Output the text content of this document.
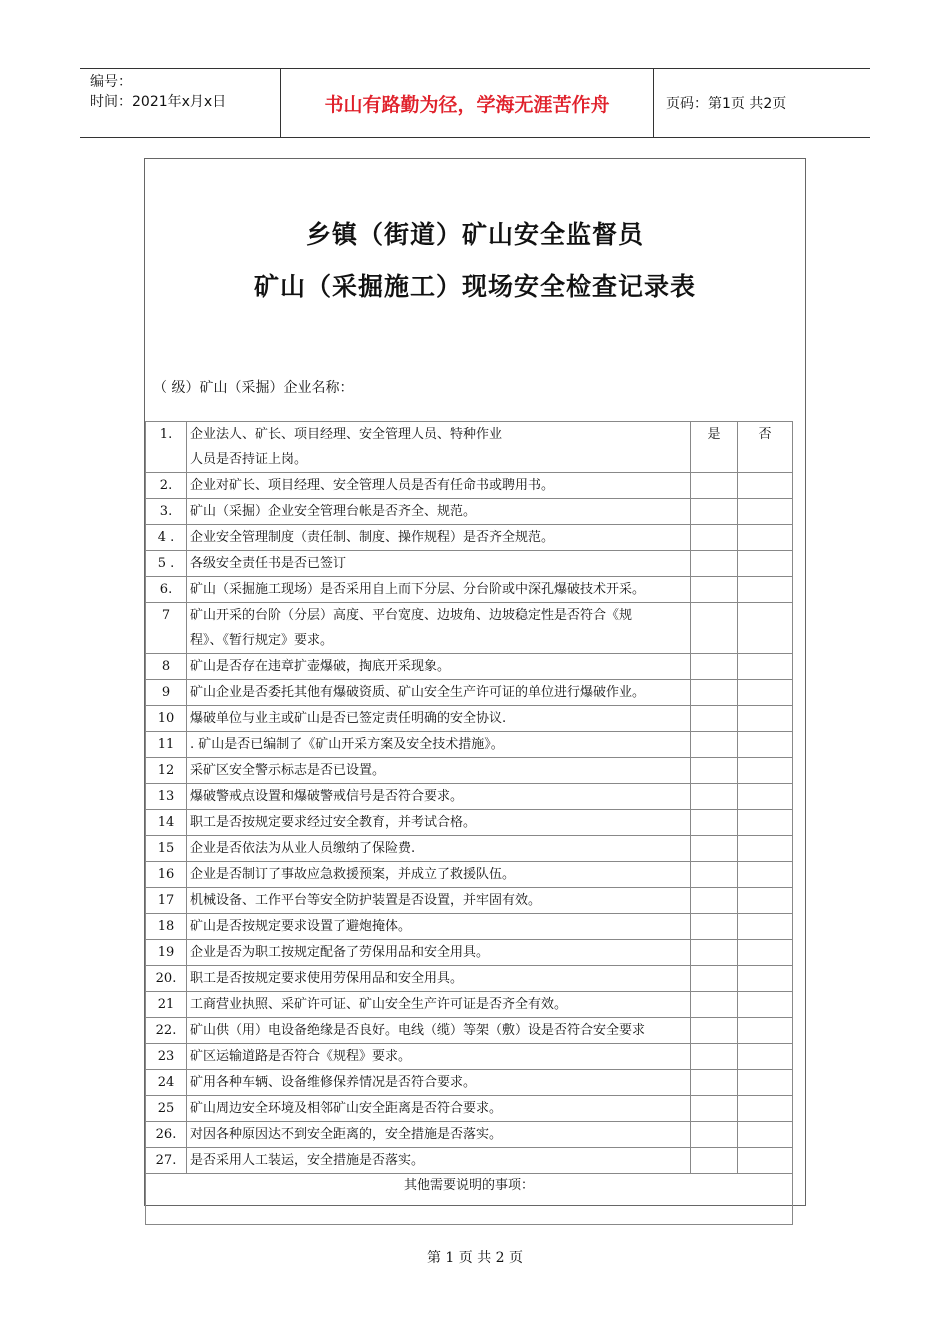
编号：
时间：2021年x月x日	书山有路勤为径，学海无涯苦作舟	页码：第1页 共2页
乡镇（街道）矿山安全监督员
矿山（采掘施工）现场安全检查记录表
（ 级）矿山（采掘）企业名称：
1.	企业法人、矿长、项目经理、安全管理人员、特种作业
人员是否持证上岗。	是	否
2.	企业对矿长、项目经理、安全管理人员是否有任命书或聘用书。		

3.	矿山（采掘）企业安全管理台帐是否齐全、规范。		

4 .	企业安全管理制度（责任制、制度、操作规程）是否齐全规范。		

5 .	各级安全责任书是否已签订		

6.	矿山（采掘施工现场）是否采用自上而下分层、分台阶或中深孔爆破技术开采。		

7	矿山开采的台阶（分层）高度、平台宽度、边坡角、边坡稳定性是否符合《规
程》、《暂行规定》要求。		

8	矿山是否存在违章扩壶爆破，掏底开采现象。		

9	矿山企业是否委托其他有爆破资质、矿山安全生产许可证的单位进行爆破作业。		

10	爆破单位与业主或矿山是否已签定责任明确的安全协议.		

11	. 矿山是否已编制了《矿山开采方案及安全技术措施》。		

12	采矿区安全警示标志是否已设置。		

13	爆破警戒点设置和爆破警戒信号是否符合要求。		

14	职工是否按规定要求经过安全教育，并考试合格。		

15	企业是否依法为从业人员缴纳了保险费.		

16	企业是否制订了事故应急救援预案，并成立了救援队伍。		

17	机械设备、工作平台等安全防护装置是否设置，并牢固有效。		

18	矿山是否按规定要求设置了避炮掩体。		

19	企业是否为职工按规定配备了劳保用品和安全用具。		

20.	职工是否按规定要求使用劳保用品和安全用具。		

21	工商营业执照、采矿许可证、矿山安全生产许可证是否齐全有效。		

22.	矿山供（用）电设备绝缘是否良好。电线（缆）等架（敷）设是否符合安全要求		

23	矿区运输道路是否符合《规程》要求。		

24	矿用各种车辆、设备维修保养情况是否符合要求。		

25	矿山周边安全环境及相邻矿山安全距离是否符合要求。		

26.	对因各种原因达不到安全距离的，安全措施是否落实。		

27.	是否采用人工装运，安全措施是否落实。		

其他需要说明的事项：			
第 1 页 共 2 页
